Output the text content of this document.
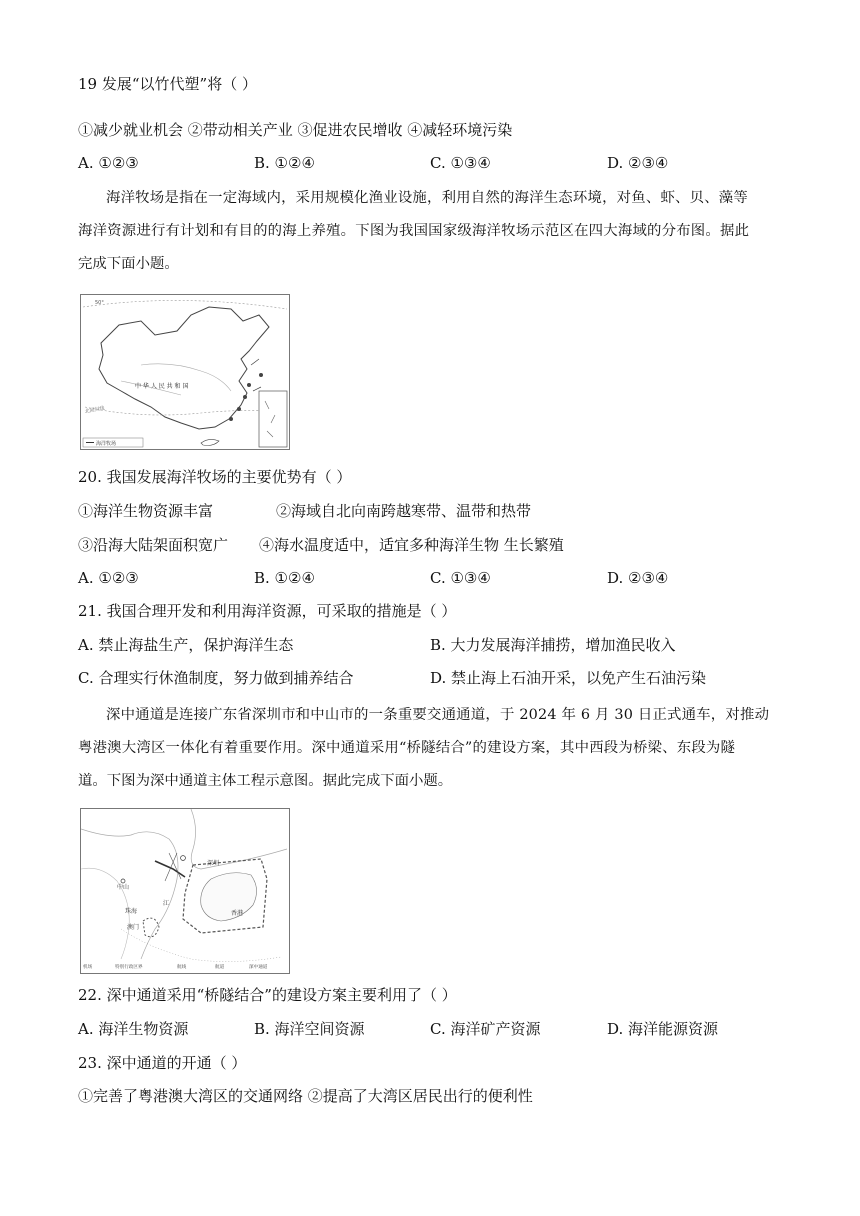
19 发展“以竹代塑”将（ ）
①减少就业机会 ②带动相关产业 ③促进农民增收 ④减轻环境污染
A. ①②③	B. ①②④	C. ①③④	D. ②③④
海洋牧场是指在一定海域内，采用规模化渔业设施，利用自然的海洋生态环境，对鱼、虾、贝、藻等
海洋资源进行有计划和有目的的海上养殖。下图为我国国家级海洋牧场示范区在四大海域的分布图。据此
完成下面小题。
50°
北回归线
中 华 人 民 共 和 国
海洋牧场
20. 我国发展海洋牧场的主要优势有（ ）
①海洋生物资源丰富	②海域自北向南跨越寒带、温带和热带
③沿海大陆架面积宽广 ④海水温度适中，适宜多种海洋生物 生长繁殖
A. ①②③	B. ①②④	C. ①③④	D. ②③④
21. 我国合理开发和利用海洋资源，可采取的措施是（ ）
A. 禁止海盐生产，保护海洋生态	B. 大力发展海洋捕捞，增加渔民收入
C. 合理实行休渔制度，努力做到捕养结合	D. 禁止海上石油开采，以免产生石油污染
深中通道是连接广东省深圳市和中山市的一条重要交通通道，于 2024 年 6 月 30 日正式通车，对推动
粤港澳大湾区一体化有着重要作用。深中通道采用“桥隧结合”的建设方案，其中西段为桥梁、东段为隧
道。下图为深中通道主体工程示意图。据此完成下面小题。
深圳
中山
珠海
澳门
香港
江
机场	特别行政区界	航线	航道	深中通道
22. 深中通道采用“桥隧结合”的建设方案主要利用了（ ）
A. 海洋生物资源	B. 海洋空间资源	C. 海洋矿产资源	D. 海洋能源资源
23. 深中通道的开通（ ）
①完善了粤港澳大湾区的交通网络 ②提高了大湾区居民出行的便利性
